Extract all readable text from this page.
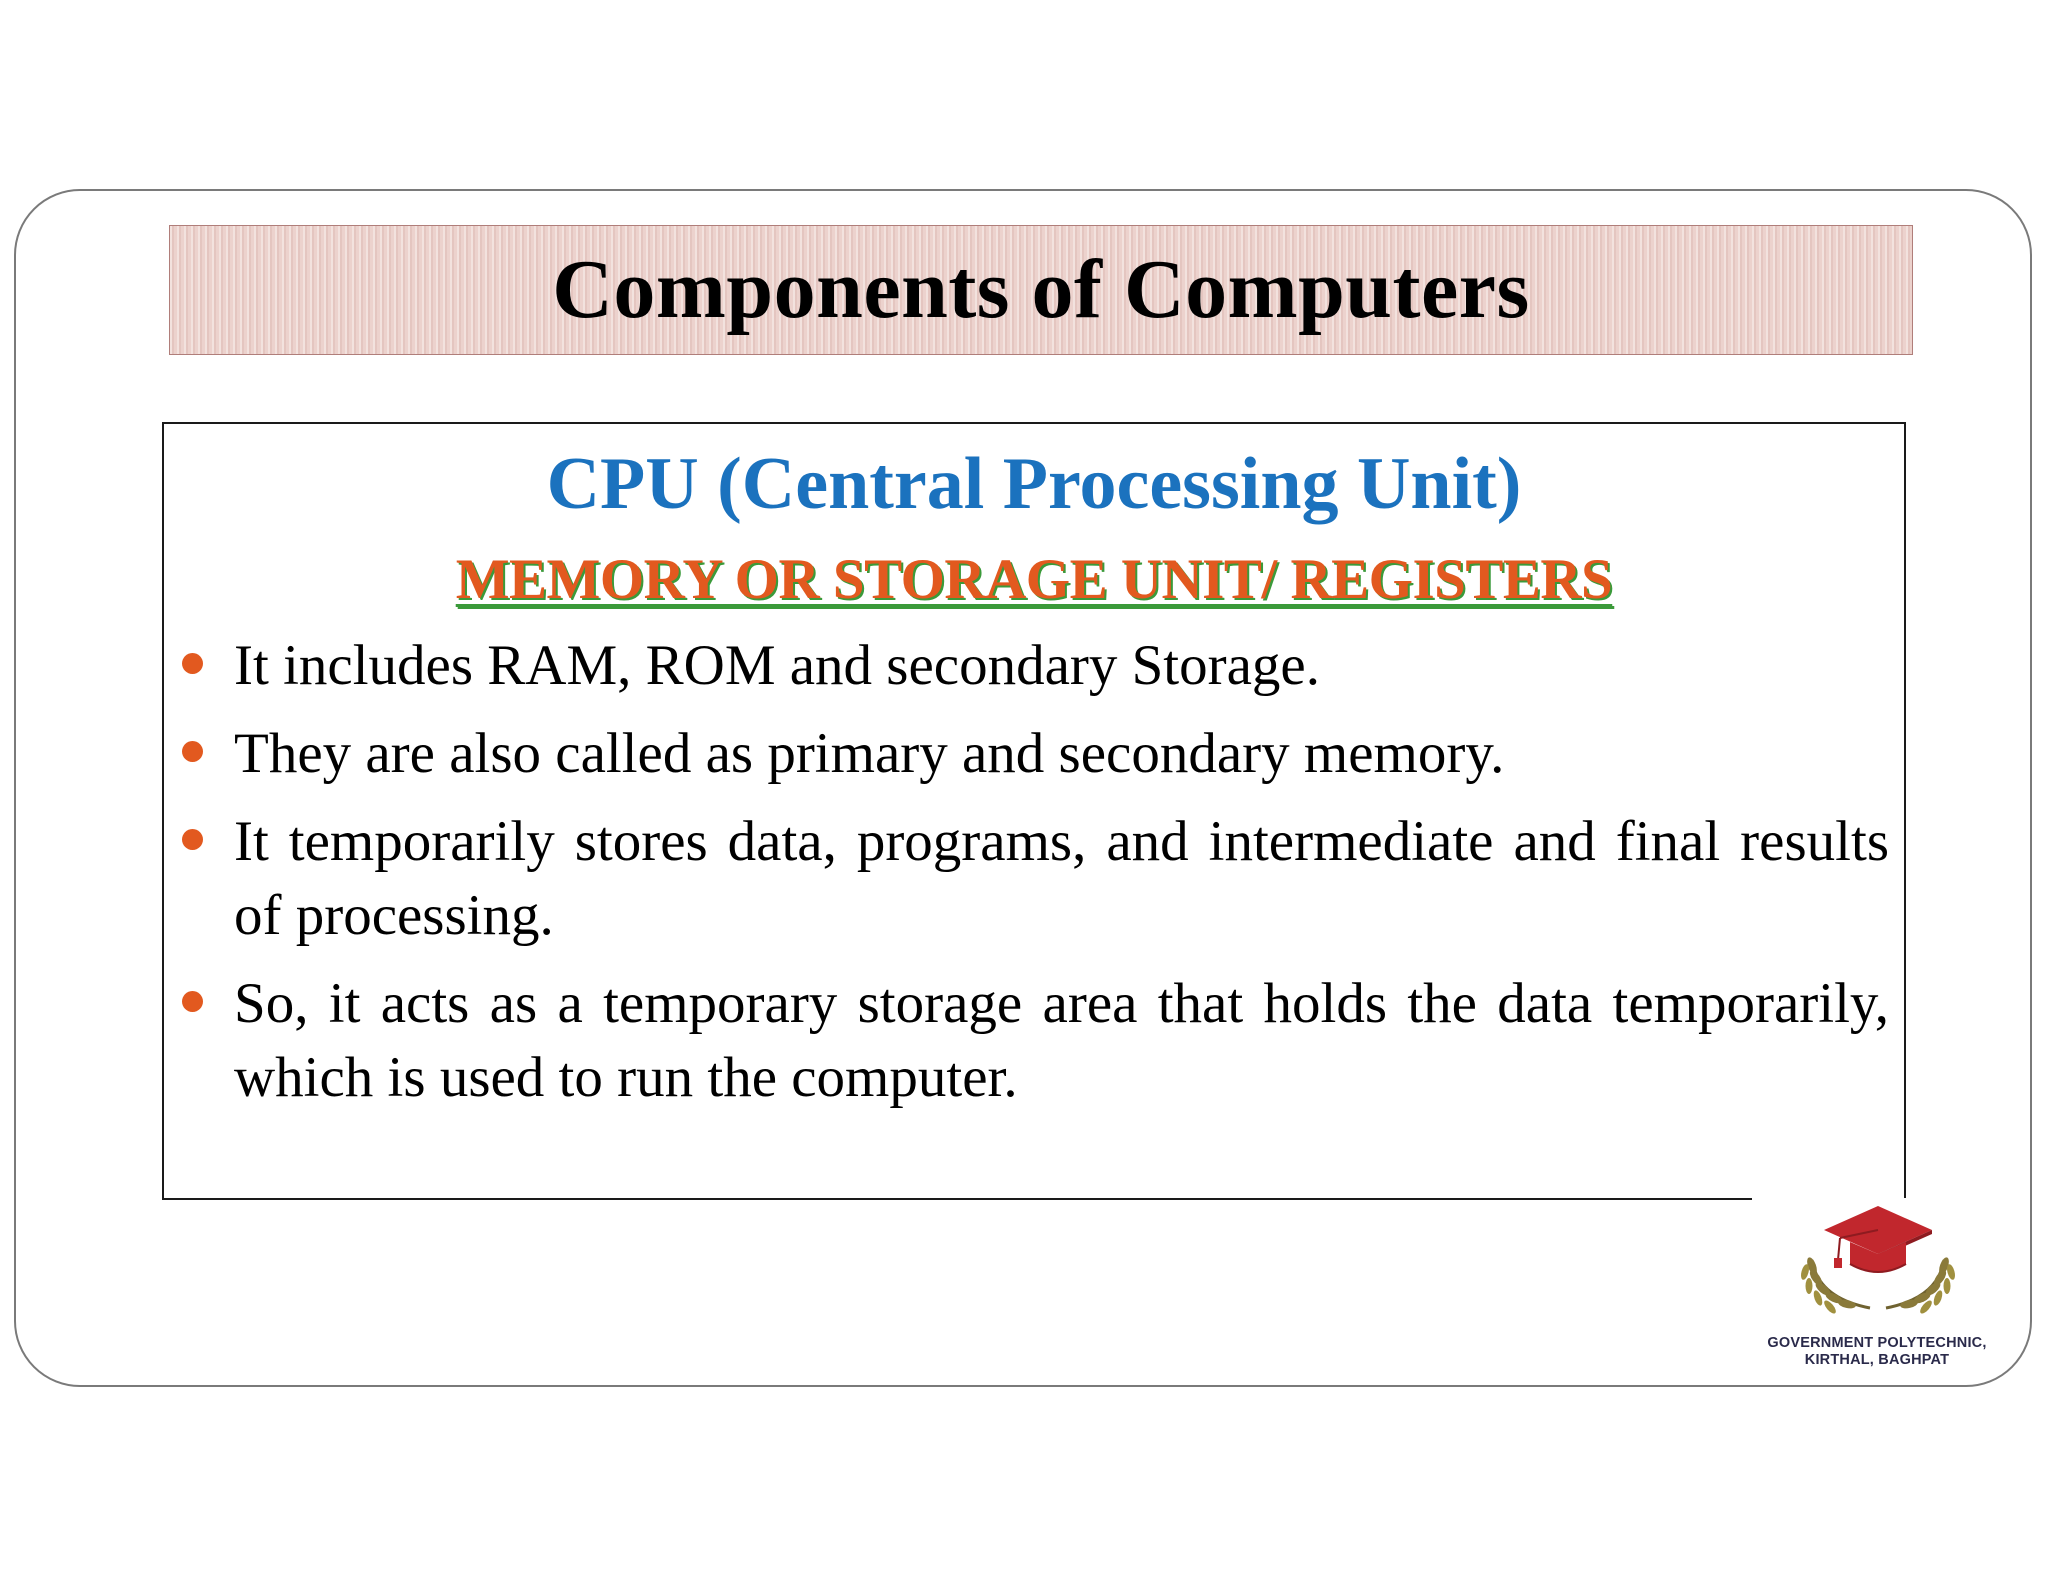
Components of Computers
CPU (Central Processing Unit)
MEMORY OR STORAGE UNIT/ REGISTERS
It includes RAM, ROM and secondary Storage.
They are also called as primary and secondary memory.
It temporarily stores data, programs, and intermediate and final results of processing.
So, it acts as a temporary storage area that holds the data temporarily, which is used to run the computer.
GOVERNMENT POLYTECHNIC,
KIRTHAL, BAGHPAT
